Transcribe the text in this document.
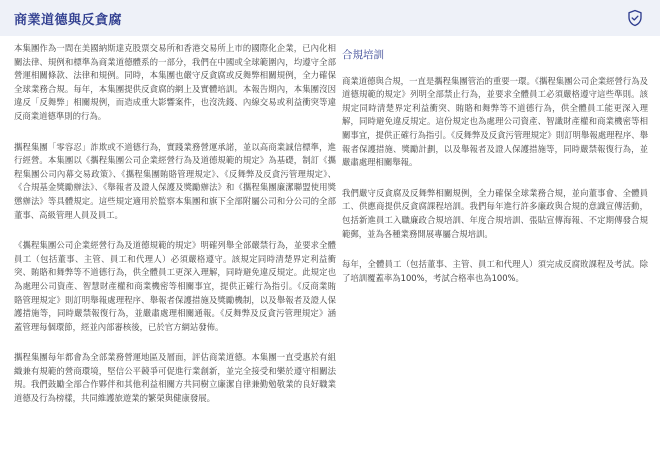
商業道德與反貪腐

本集團作為一間在美國納斯達克股票交易所和香港交易所上市的國際化企業，已內化相關法律、規例和標準為商業道德體系的一部分，我們在中國或全球範圍內，均遵守全部營運相關條款、法律和規例。同時，本集團也嚴守反貪腐或反舞弊相關規例，全力確保全球業務合規。每年，本集團提供反貪腐的網上及實體培訓。本報告期內，本集團沒因違反「反舞弊」相關規例，而造成重大影響案件，也沒洗錢、內線交易或利益衝突等違反商業道德準則的行為。

攜程集團「零容忍」詐欺或不道德行為，實踐業務營運承諾，並以高商業誠信標準，進行經營。本集團以《攜程集團公司企業經營行為及道德規範的規定》為基礎，制訂《攜程集團公司內幕交易政策》、《攜程集團賄賂管理規定》、《反舞弊及反貪污管理規定》、《合規基金獎勵辦法》、《舉報者及證人保護及獎勵辦法》和《攜程集團廉潔聯盟使用獎懲辦法》等具體規定。這些規定適用於監察本集團和旗下全部附屬公司和分公司的全部董事、高級管理人員及員工。

《攜程集團公司企業經營行為及道德規範的規定》明確列舉全部嚴禁行為，並要求全體員工（包括董事、主管、員工和代理人）必須嚴格遵守。該規定同時清楚界定利益衝突、賄賂和舞弊等不道德行為，供全體員工更深入理解，同時避免違反規定。此規定也為處理公司資產、智慧財產權和商業機密等相關事宜，提供正確行為指引。《反商業賄賂管理規定》則訂明舉報處理程序、舉報者保護措施及獎勵機制，以及舉報者及證人保護措施等，同時嚴禁報復行為，並嚴肅處理相關通報。《反舞弊及反貪污管理規定》涵蓋管理每個環節，經並內部審核後，已於官方網站發佈。

攜程集團每年都會為全部業務營運地區及層面，評估商業道德。本集團一直受惠於有組織兼有規範的營商環境，堅信公平競爭可促進行業創新，並完全接受和樂於遵守相關法規。我們鼓勵全部合作夥伴和其他利益相關方共同樹立廉潔自律兼勤勉敬業的良好職業道德及行為榜樣，共同維護旅遊業的繁榮與健康發展。

合規培訓

商業道德與合規，一直是攜程集團管治的重要一環。《攜程集團公司企業經營行為及道德規範的規定》列明全部禁止行為，並要求全體員工必須嚴格遵守這些準則。該規定同時清楚界定利益衝突、賄賂和舞弊等不道德行為，供全體員工能更深入理解，同時避免違反規定。這份規定也為處理公司資產、智識財產權和商業機密等相關事宜，提供正確行為指引。《反舞弊及反貪污管理規定》則訂明舉報處理程序、舉報者保護措施、獎勵計劃，以及舉報者及證人保護措施等，同時嚴禁報復行為，並嚴肅處理相關舉報。

我們嚴守反貪腐及反舞弊相關規例，全力確保全球業務合規，並向董事會、全體員工、供應商提供反貪腐課程培訓。我們每年進行許多廉政與合規的意識宣傳活動，包括新進員工入職廉政合規培訓、年度合規培訓、張貼宣傳海報、不定期傳發合規範郵，並為各種業務開展專屬合規培訓。

每年，全體員工（包括董事、主管、員工和代理人）須完成反腐敗課程及考試。除了培訓覆蓋率為100%，考試合格率也為100%。
